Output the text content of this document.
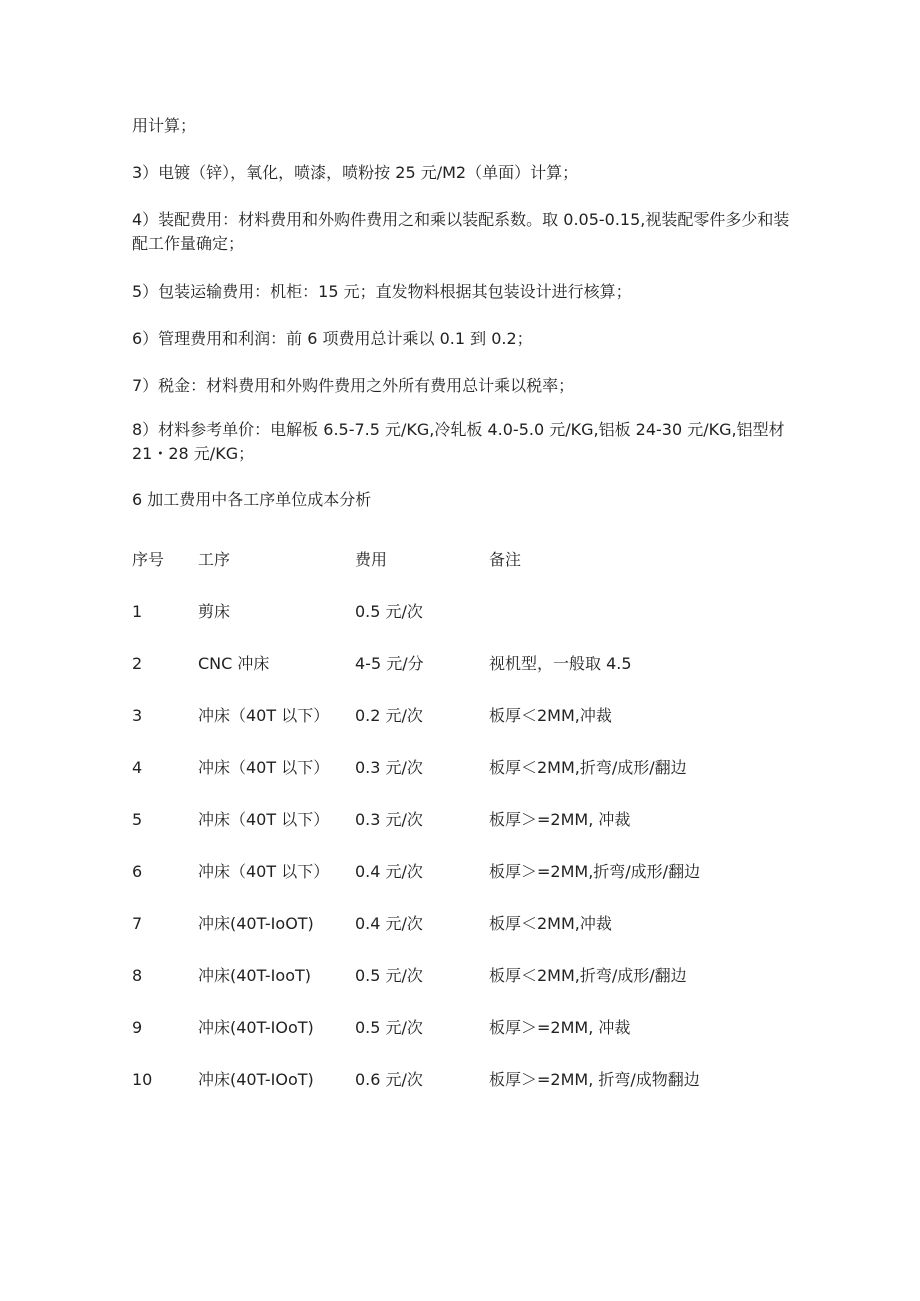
用计算；

3）电镀（锌），氧化，喷漆，喷粉按 25 元/M2（单面）计算；

4）装配费用：材料费用和外购件费用之和乘以装配系数。取 0.05-0.15,视装配零件多少和装配工作量确定；

5）包装运输费用：机柜：15 元；直发物料根据其包装设计进行核算；

6）管理费用和利润：前 6 项费用总计乘以 0.1 到 0.2；

7）税金：材料费用和外购件费用之外所有费用总计乘以税率；

8）材料参考单价：电解板 6.5-7.5 元/KG,冷轧板 4.0-5.0 元/KG,铝板 24-30 元/KG,铝型材 21・28 元/KG；

6 加工费用中各工序单位成本分析

序号 工序	费用	备注
1	剪床	0.5 元/次
2	CNC 冲床	4-5 元/分	视机型，一般取 4.5
3	冲床（40T 以下） 0.2 元/次	板厚＜2MM,冲裁
4	冲床（40T 以下） 0.3 元/次	板厚＜2MM,折弯/成形/翻边
5	冲床（40T 以下） 0.3 元/次	板厚＞=2MM, 冲裁
6	冲床（40T 以下） 0.4 元/次	板厚＞=2MM,折弯/成形/翻边
7	冲床(40T-IoOT)	0.4 元/次	板厚＜2MM,冲裁
8	冲床(40T-IooT)	0.5 元/次	板厚＜2MM,折弯/成形/翻边
9	冲床(40T-IOoT)	0.5 元/次	板厚＞=2MM, 冲裁
10	冲床(40T-IOoT)	0.6 元/次	板厚＞=2MM, 折弯/成物翻边
